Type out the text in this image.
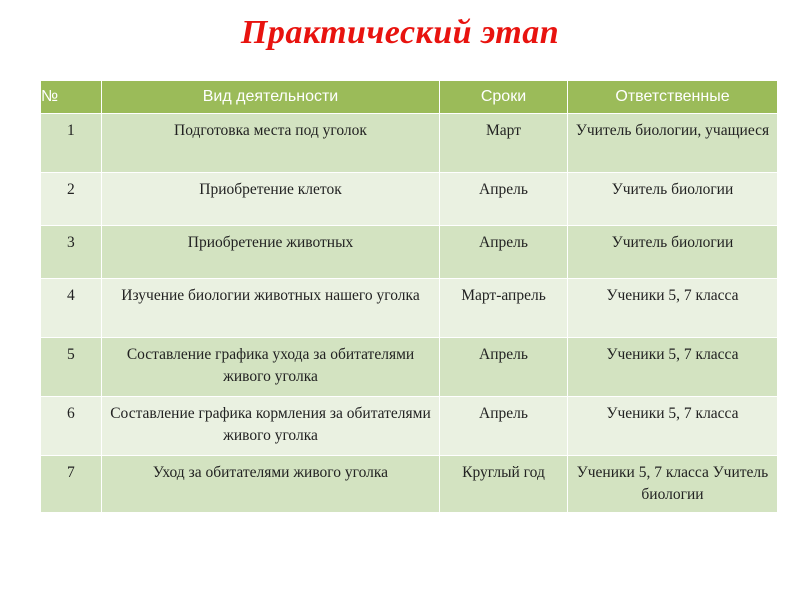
Практический этап
№	Вид деятельности	Сроки	Ответственные
1	Подготовка места под уголок	Март	Учитель биологии, учащиеся
2	Приобретение клеток	Апрель	Учитель биологии
3	Приобретение животных	Апрель	Учитель биологии
4	Изучение биологии животных нашего уголка	Март-апрель	Ученики 5, 7 класса
5	Составление графика ухода за обитателями живого уголка	Апрель	Ученики 5, 7 класса
6	Составление графика кормления за обитателями живого уголка	Апрель	Ученики 5, 7 класса
7	Уход за обитателями живого уголка	Круглый год	Ученики 5, 7 класса Учитель биологии
